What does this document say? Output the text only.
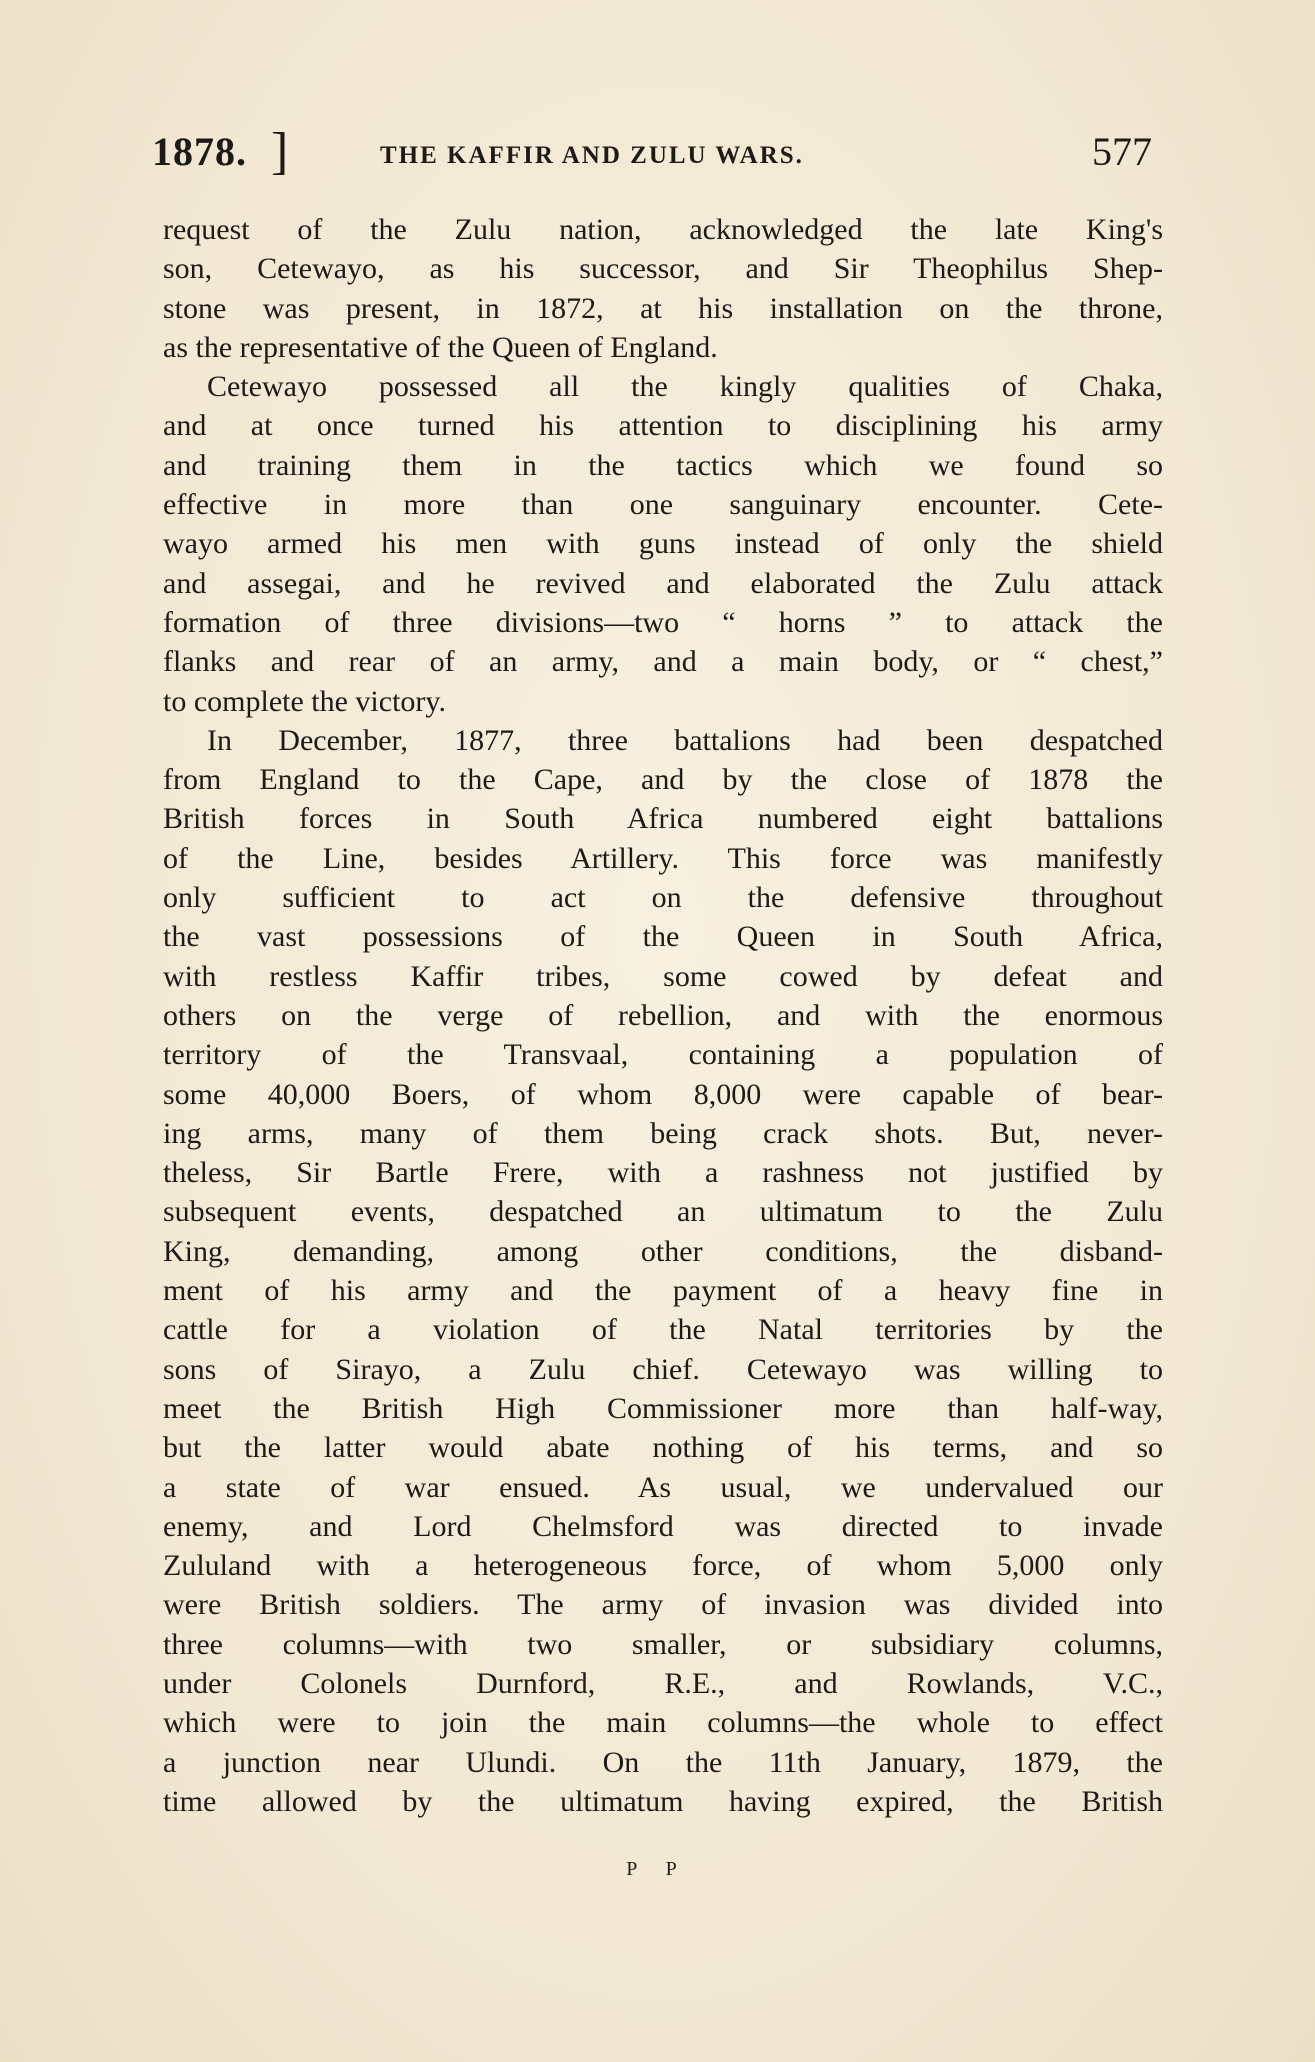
1878. ]	THE KAFFIR AND ZULU WARS.	577
request of the Zulu nation, acknowledged the late King's
son, Cetewayo, as his successor, and Sir Theophilus Shep-
stone was present, in 1872, at his installation on the throne,
as the representative of the Queen of England.
Cetewayo possessed all the kingly qualities of Chaka,
and at once turned his attention to disciplining his army
and training them in the tactics which we found so
effective in more than one sanguinary encounter. Cete-
wayo armed his men with guns instead of only the shield
and assegai, and he revived and elaborated the Zulu attack
formation of three divisions—two “ horns ” to attack the
flanks and rear of an army, and a main body, or “ chest,”
to complete the victory.
In December, 1877, three battalions had been despatched
from England to the Cape, and by the close of 1878 the
British forces in South Africa numbered eight battalions
of the Line, besides Artillery. This force was manifestly
only sufficient to act on the defensive throughout
the vast possessions of the Queen in South Africa,
with restless Kaffir tribes, some cowed by defeat and
others on the verge of rebellion, and with the enormous
territory of the Transvaal, containing a population of
some 40,000 Boers, of whom 8,000 were capable of bear-
ing arms, many of them being crack shots. But, never-
theless, Sir Bartle Frere, with a rashness not justified by
subsequent events, despatched an ultimatum to the Zulu
King, demanding, among other conditions, the disband-
ment of his army and the payment of a heavy fine in
cattle for a violation of the Natal territories by the
sons of Sirayo, a Zulu chief. Cetewayo was willing to
meet the British High Commissioner more than half-way,
but the latter would abate nothing of his terms, and so
a state of war ensued. As usual, we undervalued our
enemy, and Lord Chelmsford was directed to invade
Zululand with a heterogeneous force, of whom 5,000 only
were British soldiers. The army of invasion was divided into
three columns—with two smaller, or subsidiary columns,
under Colonels Durnford, R.E., and Rowlands, V.C.,
which were to join the main columns—the whole to effect
a junction near Ulundi. On the 11th January, 1879, the
time allowed by the ultimatum having expired, the British
P P
